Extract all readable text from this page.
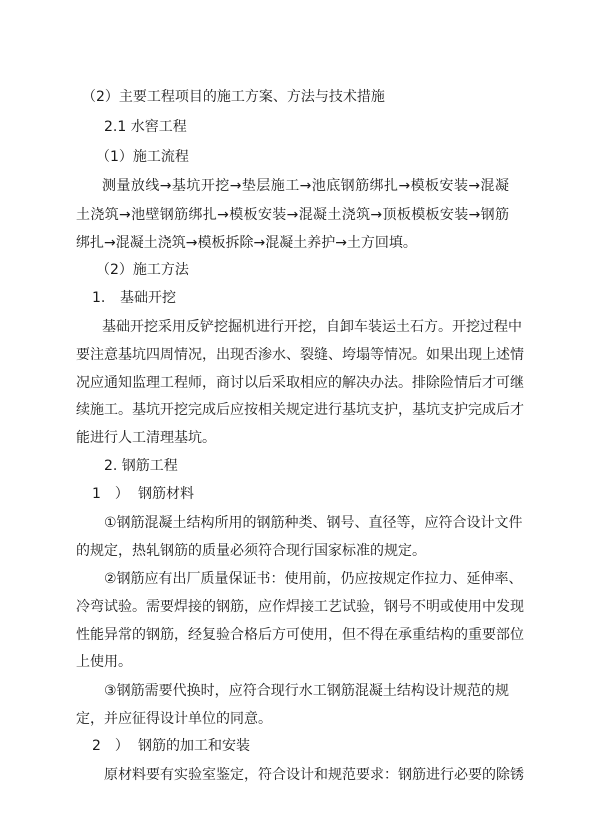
（2）主要工程项目的施工方案、方法与技术措施
2.1 水窖工程
（1）施工流程
测量放线→基坑开挖→垫层施工→池底钢筋绑扎→模板安装→混凝
土浇筑→池壁钢筋绑扎→模板安装→混凝土浇筑→顶板模板安装→钢筋
绑扎→混凝土浇筑→模板拆除→混凝土养护→土方回填。
（2）施工方法
1. 基础开挖
基础开挖采用反铲挖掘机进行开挖，自卸车装运土石方。开挖过程中
要注意基坑四周情况，出现否渗水、裂缝、垮塌等情况。如果出现上述情
况应通知监理工程师，商讨以后采取相应的解决办法。排除险情后才可继
续施工。基坑开挖完成后应按相关规定进行基坑支护，基坑支护完成后才
能进行人工清理基坑。
2. 钢筋工程
1　） 钢筋材料
①钢筋混凝土结构所用的钢筋种类、钢号、直径等，应符合设计文件
的规定，热轧钢筋的质量必须符合现行国家标准的规定。
②钢筋应有出厂质量保证书：使用前，仍应按规定作拉力、延伸率、
冷弯试验。需要焊接的钢筋，应作焊接工艺试验，钢号不明或使用中发现
性能异常的钢筋，经复验合格后方可使用，但不得在承重结构的重要部位
上使用。
③钢筋需要代换时，应符合现行水工钢筋混凝土结构设计规范的规
定，并应征得设计单位的同意。
2　） 钢筋的加工和安装
原材料要有实验室鉴定，符合设计和规范要求：钢筋进行必要的除锈
